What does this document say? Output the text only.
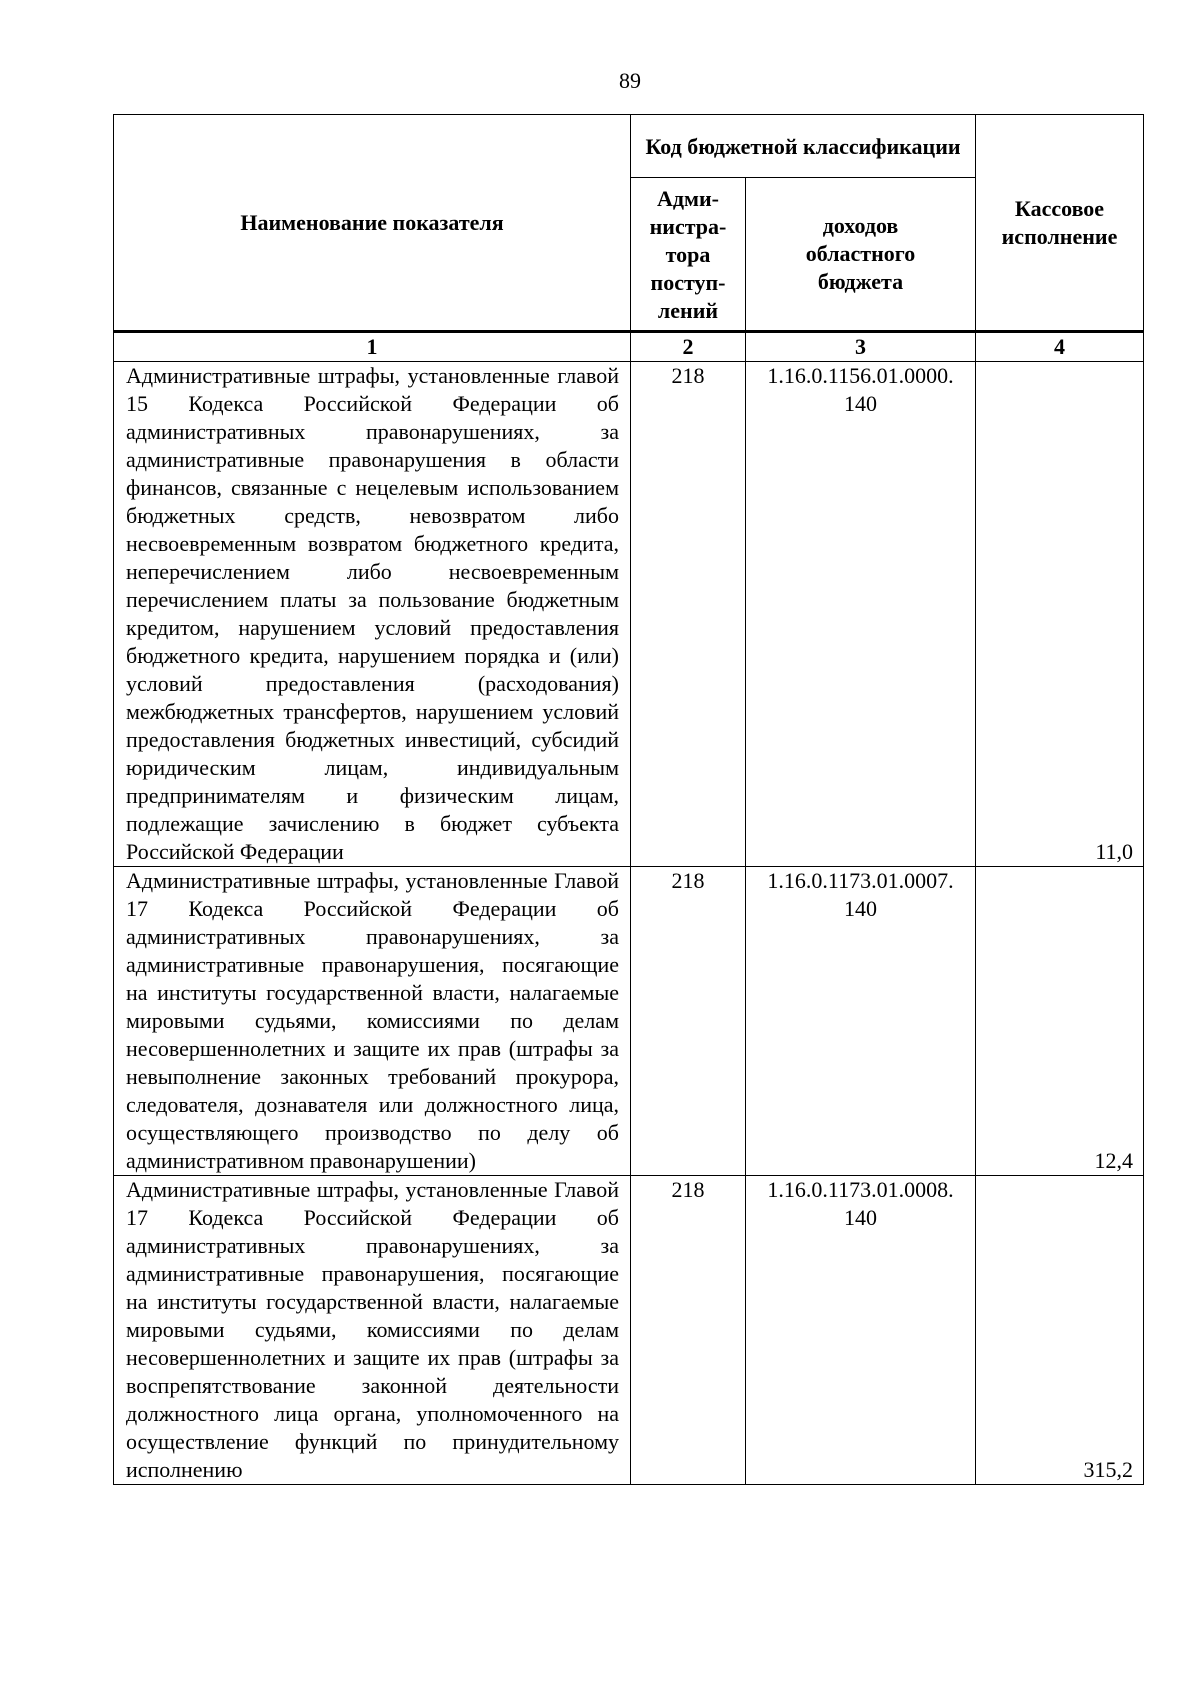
89
Наименование показателя	Код бюджетной классификации		Кассовое
исполнение
	Адми-
нистра-
тора
поступ-
лений	доходов
областного
бюджета	
1	2	3	4
Административные штрафы, установленные главой 15 Кодекса Российской Федерации об административных правонарушениях, за административные правонарушения в области финансов, связанные с нецелевым использованием бюджетных средств, невозвратом либо несвоевременным возвратом бюджетного кредита, неперечислением либо несвоевременным перечислением платы за пользование бюджетным кредитом, нарушением условий предоставления бюджетного кредита, нарушением порядка и (или) условий предоставления (расходования) межбюджетных трансфертов, нарушением условий предоставления бюджетных инвестиций, субсидий юридическим лицам, индивидуальным предпринимателям и физическим лицам, подлежащие зачислению в бюджет субъекта Российской Федерации	218	1.16.0.1156.01.0000.
140	11,0
Административные штрафы, установленные Главой 17 Кодекса Российской Федерации об административных правонарушениях, за административные правонарушения, посягающие на институты государственной власти, налагаемые мировыми судьями, комиссиями по делам несовершеннолетних и защите их прав (штрафы за невыполнение законных требований прокурора, следователя, дознавателя или должностного лица, осуществляющего производство по делу об административном правонарушении)	218	1.16.0.1173.01.0007.
140	12,4
Административные штрафы, установленные Главой 17 Кодекса Российской Федерации об административных правонарушениях, за административные правонарушения, посягающие на институты государственной власти, налагаемые мировыми судьями, комиссиями по делам несовершеннолетних и защите их прав (штрафы за воспрепятствование законной деятельности должностного лица органа, уполномоченного на осуществление функций по принудительному исполнению	218	1.16.0.1173.01.0008.
140	315,2
